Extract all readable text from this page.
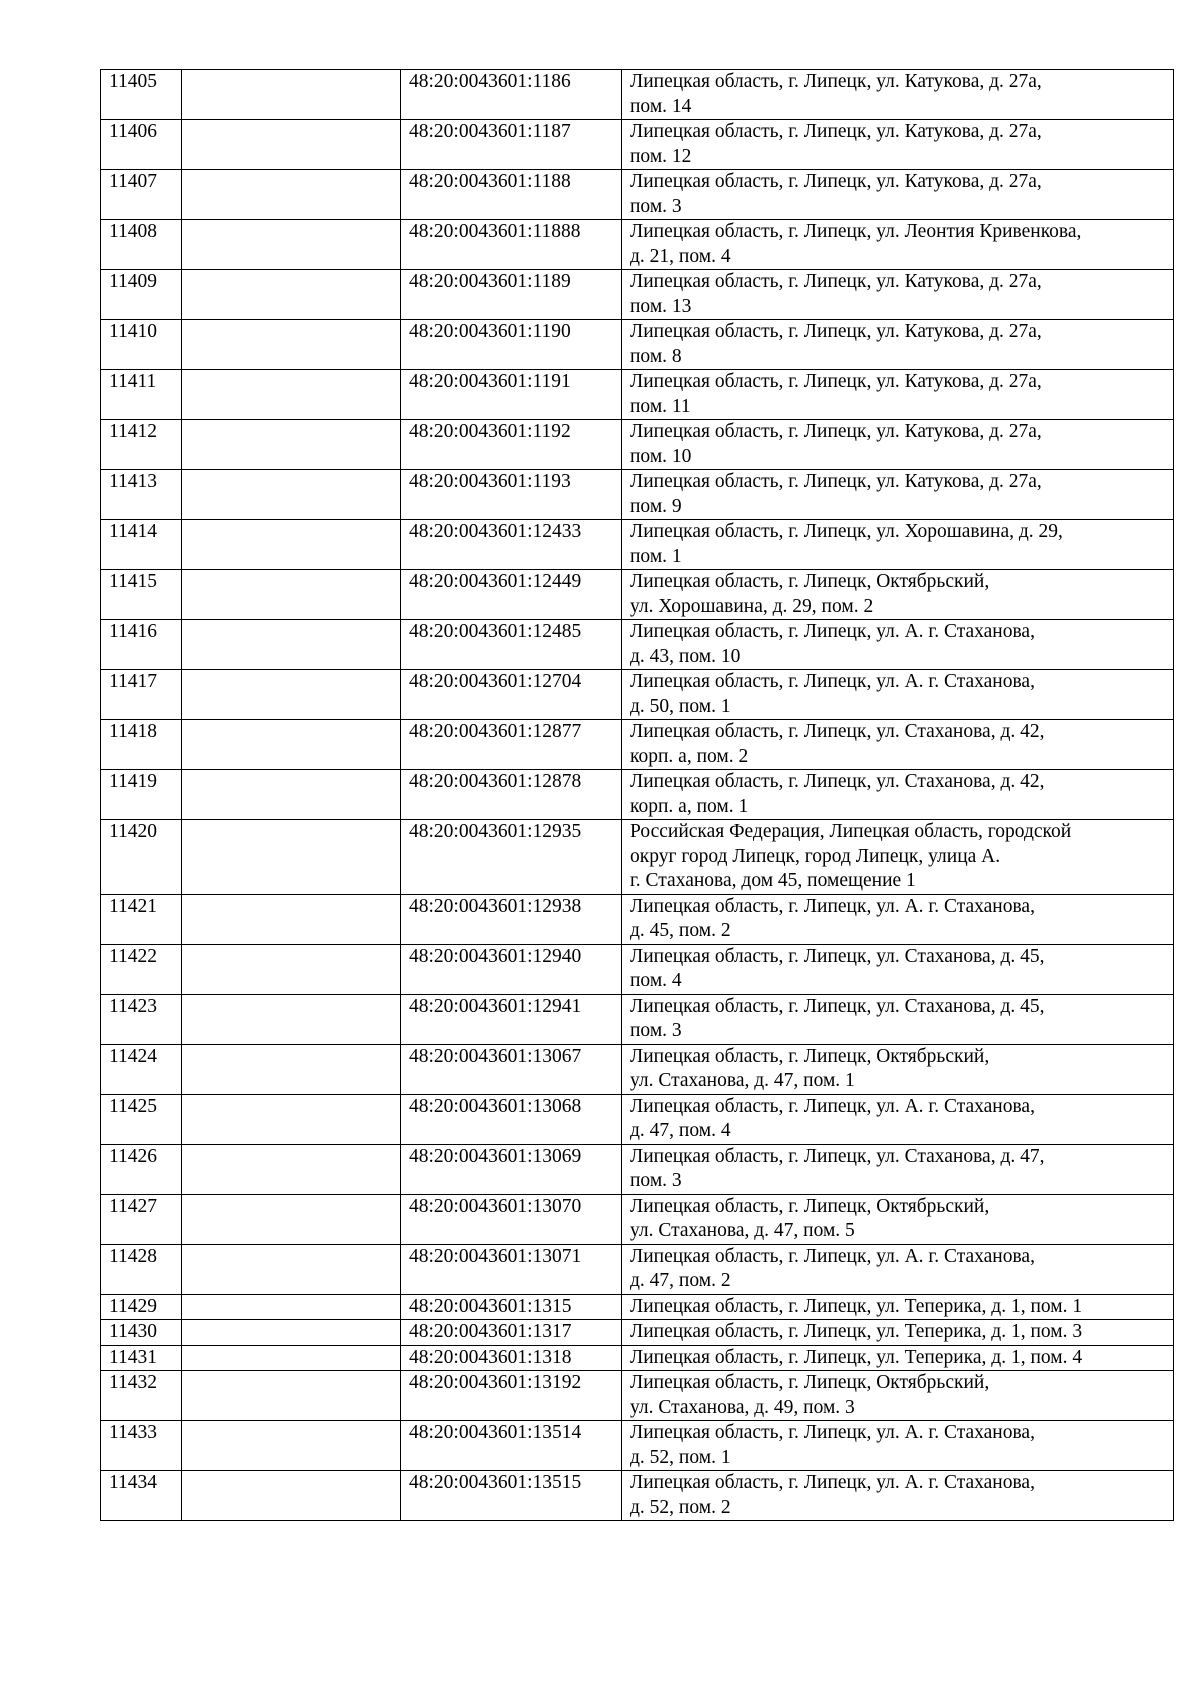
11405		48:20:0043601:1186	Липецкая область, г. Липецк, ул. Катукова, д. 27а,
пом. 14

11406		48:20:0043601:1187	Липецкая область, г. Липецк, ул. Катукова, д. 27а,
пом. 12

11407		48:20:0043601:1188	Липецкая область, г. Липецк, ул. Катукова, д. 27а,
пом. 3

11408		48:20:0043601:11888	Липецкая область, г. Липецк, ул. Леонтия Кривенкова,
д. 21, пом. 4

11409		48:20:0043601:1189	Липецкая область, г. Липецк, ул. Катукова, д. 27а,
пом. 13

11410		48:20:0043601:1190	Липецкая область, г. Липецк, ул. Катукова, д. 27а,
пом. 8

11411		48:20:0043601:1191	Липецкая область, г. Липецк, ул. Катукова, д. 27а,
пом. 11

11412		48:20:0043601:1192	Липецкая область, г. Липецк, ул. Катукова, д. 27а,
пом. 10

11413		48:20:0043601:1193	Липецкая область, г. Липецк, ул. Катукова, д. 27а,
пом. 9

11414		48:20:0043601:12433	Липецкая область, г. Липецк, ул. Хорошавина, д. 29,
пом. 1

11415		48:20:0043601:12449	Липецкая область, г. Липецк, Октябрьский,
ул. Хорошавина, д. 29, пом. 2

11416		48:20:0043601:12485	Липецкая область, г. Липецк, ул. А. г. Стаханова,
д. 43, пом. 10

11417		48:20:0043601:12704	Липецкая область, г. Липецк, ул. А. г. Стаханова,
д. 50, пом. 1

11418		48:20:0043601:12877	Липецкая область, г. Липецк, ул. Стаханова, д. 42,
корп. а, пом. 2

11419		48:20:0043601:12878	Липецкая область, г. Липецк, ул. Стаханова, д. 42,
корп. а, пом. 1

11420		48:20:0043601:12935	Российская Федерация, Липецкая область, городской
округ город Липецк, город Липецк, улица А.
г. Стаханова, дом 45, помещение 1

11421		48:20:0043601:12938	Липецкая область, г. Липецк, ул. А. г. Стаханова,
д. 45, пом. 2

11422		48:20:0043601:12940	Липецкая область, г. Липецк, ул. Стаханова, д. 45,
пом. 4

11423		48:20:0043601:12941	Липецкая область, г. Липецк, ул. Стаханова, д. 45,
пом. 3

11424		48:20:0043601:13067	Липецкая область, г. Липецк, Октябрьский,
ул. Стаханова, д. 47, пом. 1

11425		48:20:0043601:13068	Липецкая область, г. Липецк, ул. А. г. Стаханова,
д. 47, пом. 4

11426		48:20:0043601:13069	Липецкая область, г. Липецк, ул. Стаханова, д. 47,
пом. 3

11427		48:20:0043601:13070	Липецкая область, г. Липецк, Октябрьский,
ул. Стаханова, д. 47, пом. 5

11428		48:20:0043601:13071	Липецкая область, г. Липецк, ул. А. г. Стаханова,
д. 47, пом. 2

11429		48:20:0043601:1315	Липецкая область, г. Липецк, ул. Теперика, д. 1, пом. 1

11430		48:20:0043601:1317	Липецкая область, г. Липецк, ул. Теперика, д. 1, пом. 3

11431		48:20:0043601:1318	Липецкая область, г. Липецк, ул. Теперика, д. 1, пом. 4

11432		48:20:0043601:13192	Липецкая область, г. Липецк, Октябрьский,
ул. Стаханова, д. 49, пом. 3

11433		48:20:0043601:13514	Липецкая область, г. Липецк, ул. А. г. Стаханова,
д. 52, пом. 1

11434		48:20:0043601:13515	Липецкая область, г. Липецк, ул. А. г. Стаханова,
д. 52, пом. 2
